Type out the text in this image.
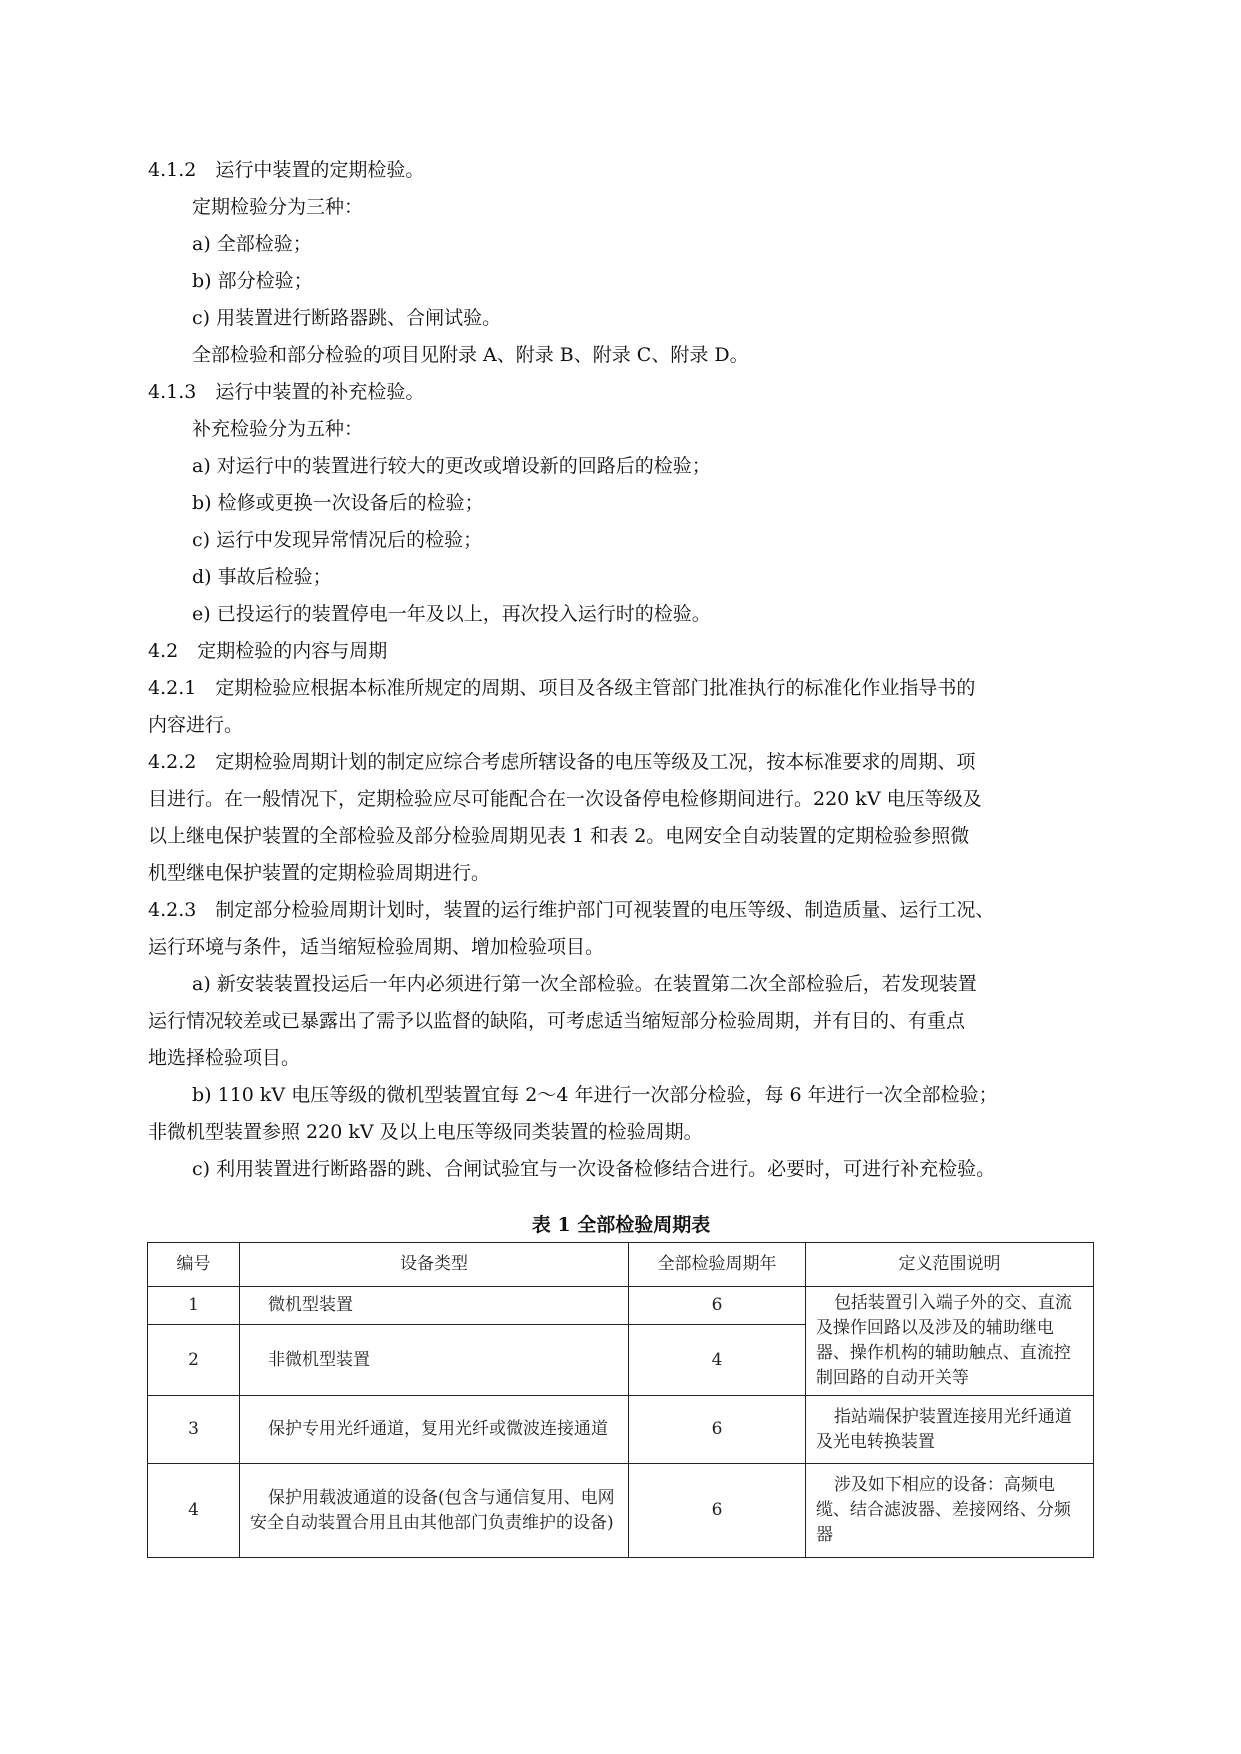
4.1.2　运行中装置的定期检验。
定期检验分为三种：
a) 全部检验；
b) 部分检验；
c) 用装置进行断路器跳、合闸试验。
全部检验和部分检验的项目见附录 A、附录 B、附录 C、附录 D。
4.1.3　运行中装置的补充检验。
补充检验分为五种：
a) 对运行中的装置进行较大的更改或增设新的回路后的检验；
b) 检修或更换一次设备后的检验；
c) 运行中发现异常情况后的检验；
d) 事故后检验；
e) 已投运行的装置停电一年及以上，再次投入运行时的检验。
4.2　定期检验的内容与周期
4.2.1　定期检验应根据本标准所规定的周期、项目及各级主管部门批准执行的标准化作业指导书的
内容进行。
4.2.2　定期检验周期计划的制定应综合考虑所辖设备的电压等级及工况，按本标准要求的周期、项
目进行。在一般情况下，定期检验应尽可能配合在一次设备停电检修期间进行。220 kV 电压等级及
以上继电保护装置的全部检验及部分检验周期见表 1 和表 2。电网安全自动装置的定期检验参照微
机型继电保护装置的定期检验周期进行。
4.2.3　制定部分检验周期计划时，装置的运行维护部门可视装置的电压等级、制造质量、运行工况、
运行环境与条件，适当缩短检验周期、增加检验项目。
a) 新安装装置投运后一年内必须进行第一次全部检验。在装置第二次全部检验后，若发现装置
运行情况较差或已暴露出了需予以监督的缺陷，可考虑适当缩短部分检验周期，并有目的、有重点
地选择检验项目。
b) 110 kV 电压等级的微机型装置宜每 2～4 年进行一次部分检验，每 6 年进行一次全部检验；
非微机型装置参照 220 kV 及以上电压等级同类装置的检验周期。
c) 利用装置进行断路器的跳、合闸试验宜与一次设备检修结合进行。必要时，可进行补充检验。
表 1 全部检验周期表
编号	设备类型	全部检验周期年	定义范围说明
1	微机型装置	6	包括装置引入端子外的交、直流及操作回路以及涉及的辅助继电器、操作机构的辅助触点、直流控制回路的自动开关等
2	非微机型装置	4	
3	保护专用光纤通道，复用光纤或微波连接通道	6	指站端保护装置连接用光纤通道及光电转换装置
4	保护用载波通道的设备(包含与通信复用、电网安全自动装置合用且由其他部门负责维护的设备)	6	涉及如下相应的设备：高频电缆、结合滤波器、差接网络、分频器
